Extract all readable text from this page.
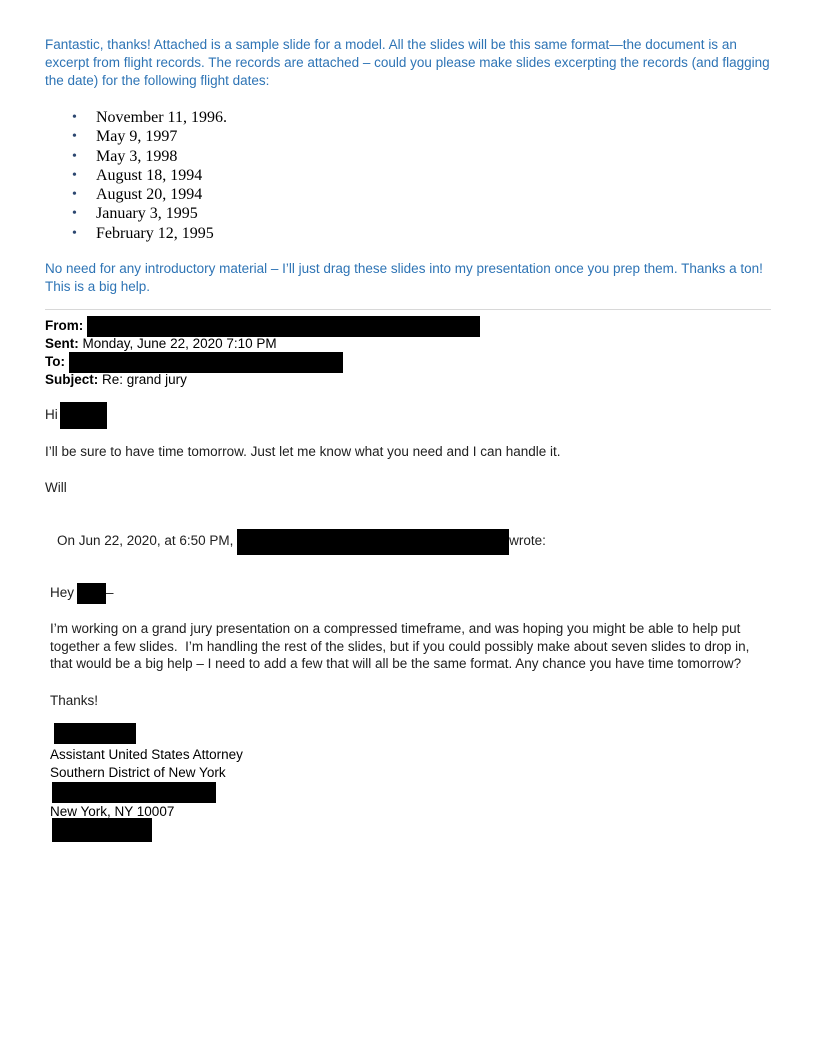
Fantastic, thanks! Attached is a sample slide for a model. All the slides will be this same format—the document is an excerpt from flight records. The records are attached – could you please make slides excerpting the records (and flagging the date) for the following flight dates:

• November 11, 1996.
• May 9, 1997
• May 3, 1998
• August 18, 1994
• August 20, 1994
• January 3, 1995
• February 12, 1995

No need for any introductory material – I’ll just drag these slides into my presentation once you prep them. Thanks a ton! This is a big help.

From:
Sent: Monday, June 22, 2020 7:10 PM
To:
Subject: Re: grand jury
Hi

I’ll be sure to have time tomorrow. Just let me know what you need and I can handle it.

Will

On Jun 22, 2020, at 6:50 PM,	wrote:
Hey –

I’m working on a grand jury presentation on a compressed timeframe, and was hoping you might be able to help put together a few slides.  I’m handling the rest of the slides, but if you could possibly make about seven slides to drop in, that would be a big help – I need to add a few that will all be the same format. Any chance you have time tomorrow?

Thanks!

Assistant United States Attorney
Southern District of New York
New York, NY 10007
